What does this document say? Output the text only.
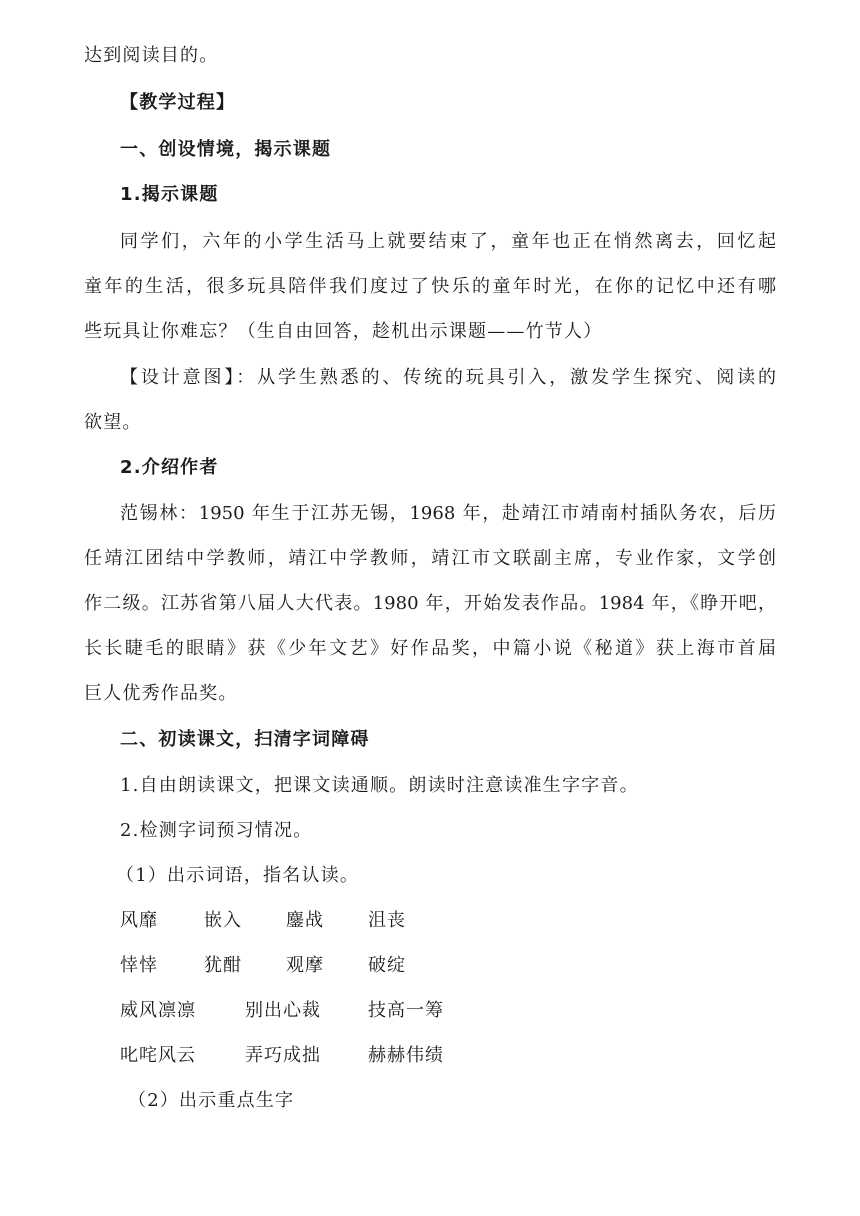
达到阅读目的。
【教学过程】
一、创设情境，揭示课题
1.揭示课题
同学们，六年的小学生活马上就要结束了，童年也正在悄然离去，回忆起
童年的生活，很多玩具陪伴我们度过了快乐的童年时光，在你的记忆中还有哪
些玩具让你难忘？（生自由回答，趁机出示课题——竹节人）
【设计意图】：从学生熟悉的、传统的玩具引入，激发学生探究、阅读的
欲望。
2.介绍作者
范锡林：1950 年生于江苏无锡，1968 年，赴靖江市靖南村插队务农，后历
任靖江团结中学教师，靖江中学教师，靖江市文联副主席，专业作家，文学创
作二级。江苏省第八届人大代表。1980 年，开始发表作品。1984 年，《睁开吧，
长长睫毛的眼睛》获《少年文艺》好作品奖，中篇小说《秘道》获上海市首届
巨人优秀作品奖。
二、初读课文，扫清字词障碍
1.自由朗读课文，把课文读通顺。朗读时注意读准生字字音。
2.检测字词预习情况。
（1）出示词语，指名认读。
风靡	嵌入 鏖战 沮丧
悻悻	犹酣 观摩 破绽
威风凛凛	别出心裁	技高一筹
叱咤风云	弄巧成拙	赫赫伟绩
（2）出示重点生字
